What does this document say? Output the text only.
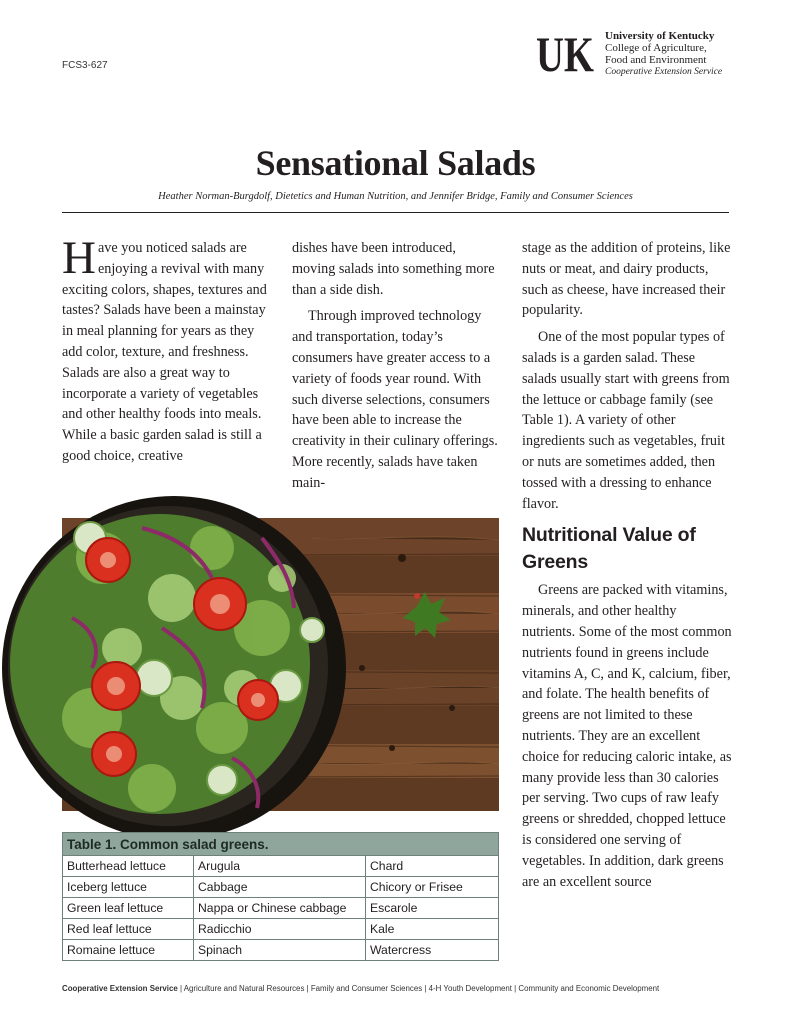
FCS3-627	UK University of Kentucky
College of Agriculture,
Food and Environment
Cooperative Extension Service
Sensational Salads
Heather Norman-Burgdolf, Dietetics and Human Nutrition, and Jennifer Bridge, Family and Consumer Sciences

Have you noticed salads are enjoying a revival with many exciting colors, shapes, textures and tastes? Salads have been a mainstay in meal planning for years as they add color, texture, and freshness. Salads are also a great way to incorporate a variety of vegetables and other healthy foods into meals. While a basic garden salad is still a good choice, creative

dishes have been introduced, moving salads into something more than a side dish.

Through improved technology and transportation, today’s consumers have greater access to a variety of foods year round. With such diverse selections, consumers have been able to increase the creativity in their culinary offerings. More recently, salads have taken main-

stage as the addition of proteins, like nuts or meat, and dairy products, such as cheese, have increased their popularity.

One of the most popular types of salads is a garden salad. These salads usually start with greens from the lettuce or cabbage family (see Table 1). A variety of other ingredients such as vegetables, fruit or nuts are sometimes added, then tossed with a dressing to enhance flavor.

Nutritional Value of Greens

Greens are packed with vitamins, minerals, and other healthy nutrients. Some of the most common nutrients found in greens include vitamins A, C, and K, calcium, fiber, and folate. The health benefits of greens are not limited to these nutrients. They are an excellent choice for reducing caloric intake, as many provide less than 30 calories per serving. Two cups of raw leafy greens or shredded, chopped lettuce is considered one serving of vegetables. In addition, dark greens are an excellent source

Table 1. Common salad greens.		
Butterhead lettuce	Arugula	Chard
Iceberg lettuce	Cabbage	Chicory or Frisee
Green leaf lettuce	Nappa or Chinese cabbage	Escarole
Red leaf lettuce	Radicchio	Kale
Romaine lettuce	Spinach	Watercress
Cooperative Extension Service | Agriculture and Natural Resources | Family and Consumer Sciences | 4-H Youth Development | Community and Economic Development
